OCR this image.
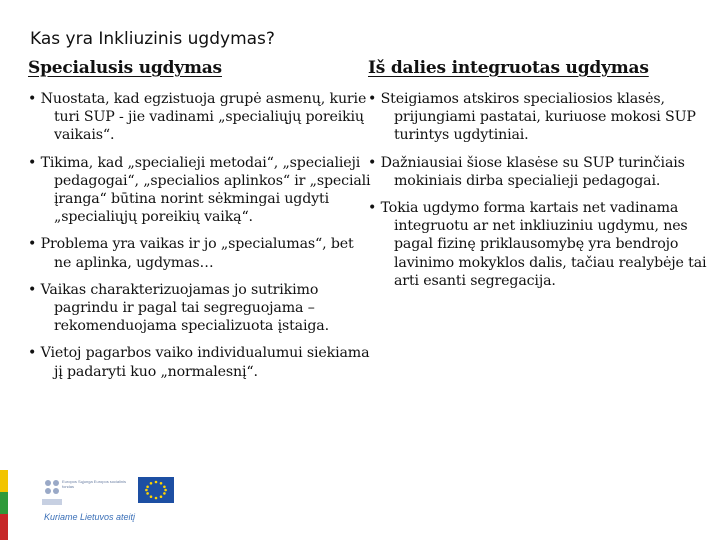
Kas yra Inkliuzinis ugdymas?
Specialusis ugdymas
• Nuostata, kad egzistuoja grupė asmenų, kurie turi SUP - jie vadinami „specialiųjų poreikių vaikais“.
• Tikima, kad „specialieji metodai“, „specialieji pedagogai“, „specialios aplinkos“ ir „speciali įranga“ būtina norint sėkmingai ugdyti „specialiųjų poreikių vaiką“.
• Problema yra vaikas ir jo „specialumas“, bet ne aplinka, ugdymas…
• Vaikas charakterizuojamas jo sutrikimo pagrindu ir pagal tai segreguojama – rekomenduojama specializuota įstaiga.
• Vietoj pagarbos vaiko individualumui siekiama jį padaryti kuo „normalesnį“.
Iš dalies integruotas ugdymas
• Steigiamos atskiros specialiosios klasės, prijungiami pastatai, kuriuose mokosi SUP turintys ugdytiniai.
• Dažniausiai šiose klasėse su SUP turinčiais mokiniais dirba specialieji pedagogai.
• Tokia ugdymo forma kartais net vadinama integruotu ar net inkliuziniu ugdymu, nes pagal fizinę priklausomybę yra bendrojo lavinimo mokyklos dalis, tačiau realybėje tai arti esanti segregacija.
Europos Sąjunga Europos socialinis fondas
Kuriame Lietuvos ateitį
